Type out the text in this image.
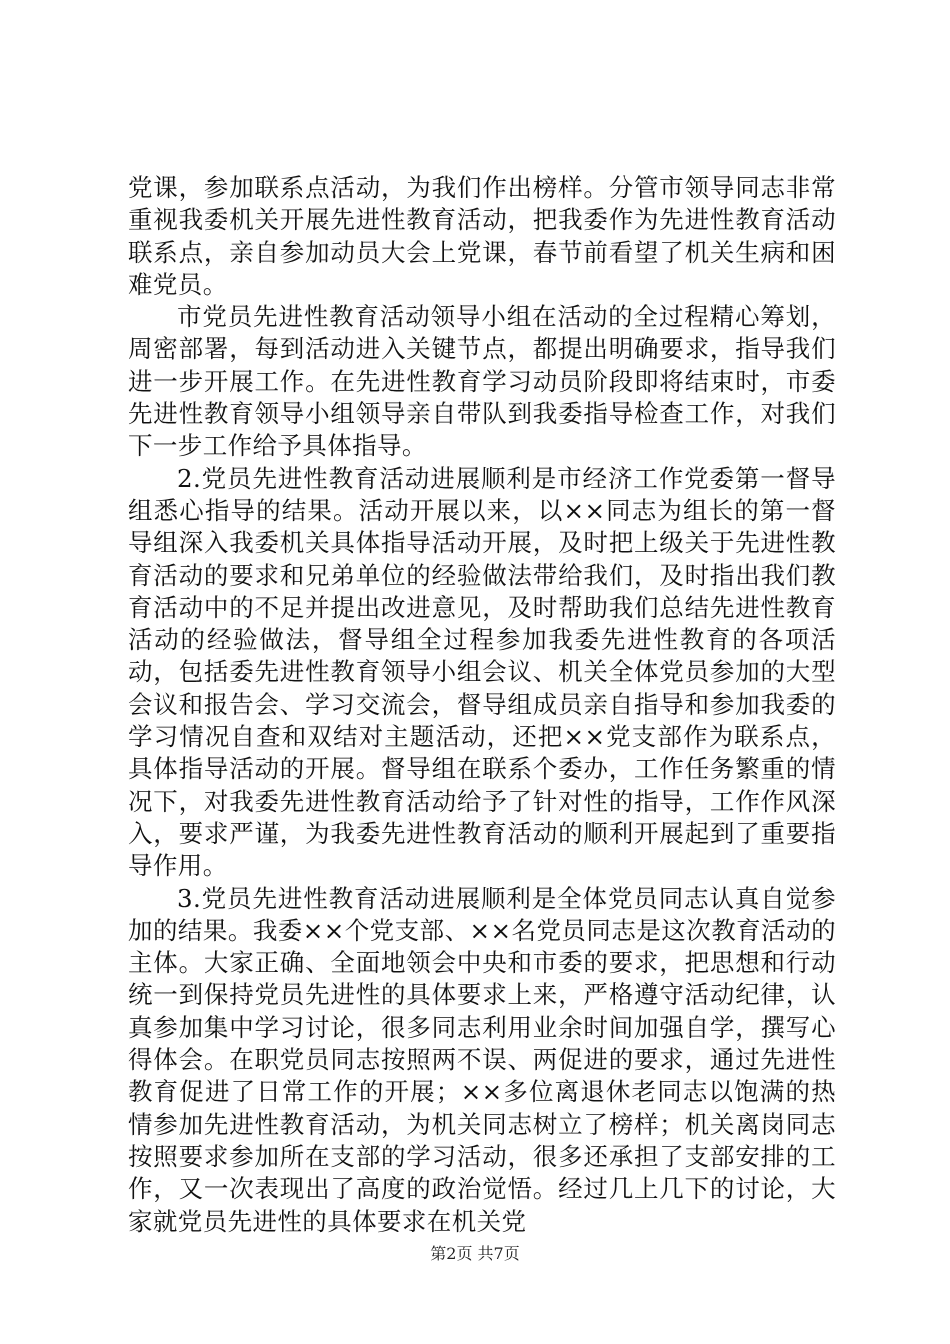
党课，参加联系点活动，为我们作出榜样。分管市领导同志非常重视我委机关开展先进性教育活动，把我委作为先进性教育活动联系点，亲自参加动员大会上党课，春节前看望了机关生病和困难党员。

市党员先进性教育活动领导小组在活动的全过程精心筹划，周密部署，每到活动进入关键节点，都提出明确要求，指导我们进一步开展工作。在先进性教育学习动员阶段即将结束时，市委先进性教育领导小组领导亲自带队到我委指导检查工作，对我们下一步工作给予具体指导。

2.党员先进性教育活动进展顺利是市经济工作党委第一督导组悉心指导的结果。活动开展以来，以××同志为组长的第一督导组深入我委机关具体指导活动开展，及时把上级关于先进性教育活动的要求和兄弟单位的经验做法带给我们，及时指出我们教育活动中的不足并提出改进意见，及时帮助我们总结先进性教育活动的经验做法，督导组全过程参加我委先进性教育的各项活动，包括委先进性教育领导小组会议、机关全体党员参加的大型会议和报告会、学习交流会，督导组成员亲自指导和参加我委的学习情况自查和双结对主题活动，还把××党支部作为联系点，具体指导活动的开展。督导组在联系个委办，工作任务繁重的情况下，对我委先进性教育活动给予了针对性的指导，工作作风深入，要求严谨，为我委先进性教育活动的顺利开展起到了重要指导作用。

3.党员先进性教育活动进展顺利是全体党员同志认真自觉参加的结果。我委××个党支部、××名党员同志是这次教育活动的主体。大家正确、全面地领会中央和市委的要求，把思想和行动统一到保持党员先进性的具体要求上来，严格遵守活动纪律，认真参加集中学习讨论，很多同志利用业余时间加强自学，撰写心得体会。在职党员同志按照两不误、两促进的要求，通过先进性教育促进了日常工作的开展；××多位离退休老同志以饱满的热情参加先进性教育活动，为机关同志树立了榜样；机关离岗同志按照要求参加所在支部的学习活动，很多还承担了支部安排的工作，又一次表现出了高度的政治觉悟。经过几上几下的讨论，大家就党员先进性的具体要求在机关党

第2页 共7页
